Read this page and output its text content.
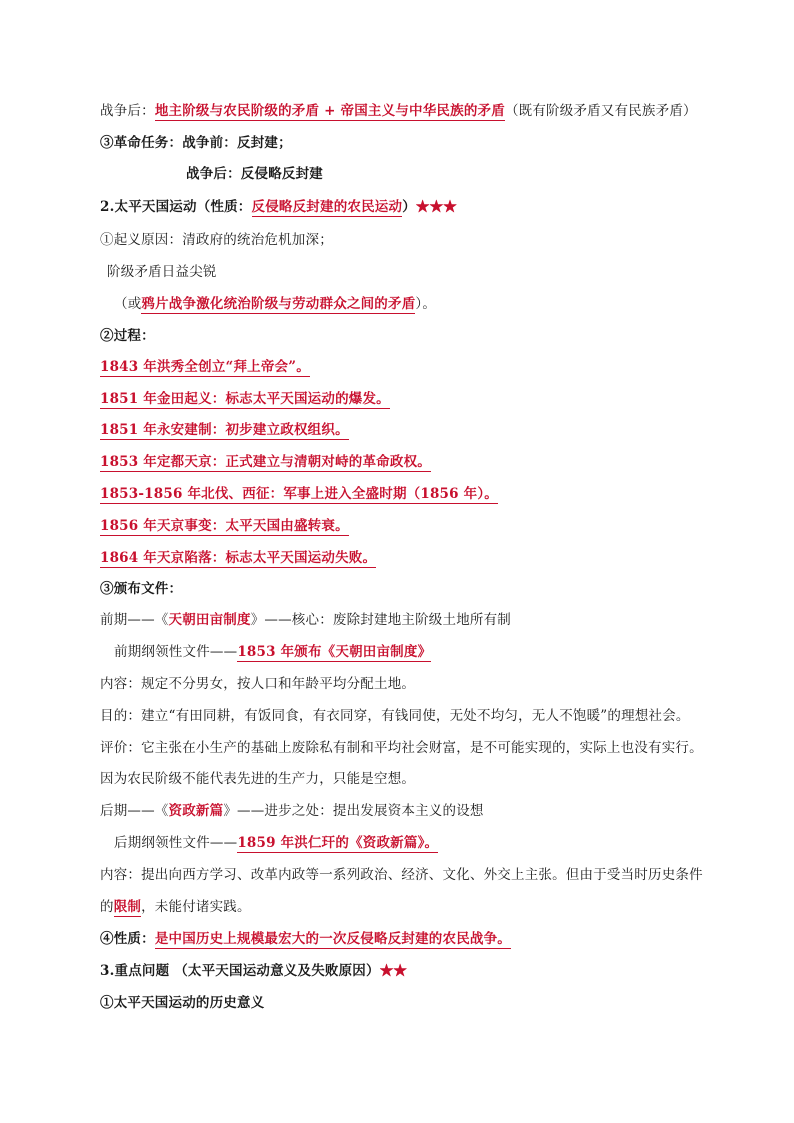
战争后：地主阶级与农民阶级的矛盾 + 帝国主义与中华民族的矛盾（既有阶级矛盾又有民族矛盾）
③革命任务：战争前：反封建；
战争后：反侵略反封建
2.太平天国运动（性质：反侵略反封建的农民运动）★★★
①起义原因：清政府的统治危机加深；
阶级矛盾日益尖锐
（或鸦片战争激化统治阶级与劳动群众之间的矛盾）。
②过程：
1843 年洪秀全创立“拜上帝会”。
1851 年金田起义：标志太平天国运动的爆发。
1851 年永安建制：初步建立政权组织。
1853 年定都天京：正式建立与清朝对峙的革命政权。
1853-1856 年北伐、西征：军事上进入全盛时期（1856 年）。
1856 年天京事变：太平天国由盛转衰。
1864 年天京陷落：标志太平天国运动失败。
③颁布文件：
前期——《天朝田亩制度》——核心：废除封建地主阶级土地所有制
前期纲领性文件——1853 年颁布《天朝田亩制度》
内容：规定不分男女，按人口和年龄平均分配土地。
目的：建立“有田同耕，有饭同食，有衣同穿，有钱同使，无处不均匀，无人不饱暖”的理想社会。
评价：它主张在小生产的基础上废除私有制和平均社会财富，是不可能实现的，实际上也没有实行。
因为农民阶级不能代表先进的生产力，只能是空想。
后期——《资政新篇》——进步之处：提出发展资本主义的设想
后期纲领性文件——1859 年洪仁玕的《资政新篇》。
内容：提出向西方学习、改革内政等一系列政治、经济、文化、外交上主张。但由于受当时历史条件
的限制，未能付诸实践。
④性质：是中国历史上规模最宏大的一次反侵略反封建的农民战争。
3.重点问题 （太平天国运动意义及失败原因）★★
①太平天国运动的历史意义
